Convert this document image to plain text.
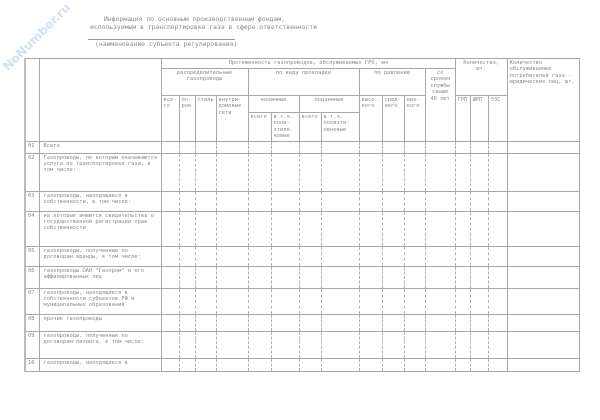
NoNumber.ru	Информация по основным производственным фондам,
используемым в транспортировке газа в сфере ответственности
(наименование субъекта регулирования)
		Протяженность газопроводов, обслуживаемых ГРО, км												Количество, шт.			Количество обслуживаемых потребителей газа - юридических лиц, шт.
		распределительные газопроводы				по виду прокладки				по давлению			со сроком службы свыше 40 лет				
		все-го	по-ров	сталь	внутри-домовые сети	наземные		подземные		высо-кого	сред-него	низ-кого		ГРП	ШРП	ЭЗС	
						всего	в т.ч. поли-этиле-новые	всего	в т.ч. полиэти-леновые								
01	Всего																
02	Газопроводы, по которым оказываются услуги по транспортировке газа, в том числе:																
03	газопроводы, находящиеся в собственности, в том числе:																
04	на которые имеются свидетельства о государственной регистрации прав собственности																
05	газопроводы, полученные по договорам аренды, в том числе:																
06	газопроводы ОАО "Газпром" и его аффилированных лиц																
07	газопроводы, находящиеся в собственности субъектов РФ и муниципальных образований																
08	прочие газопроводы																
09	газопроводы, полученные по договорам лизинга, в том числе:																
10	газопроводы, находящиеся в																
